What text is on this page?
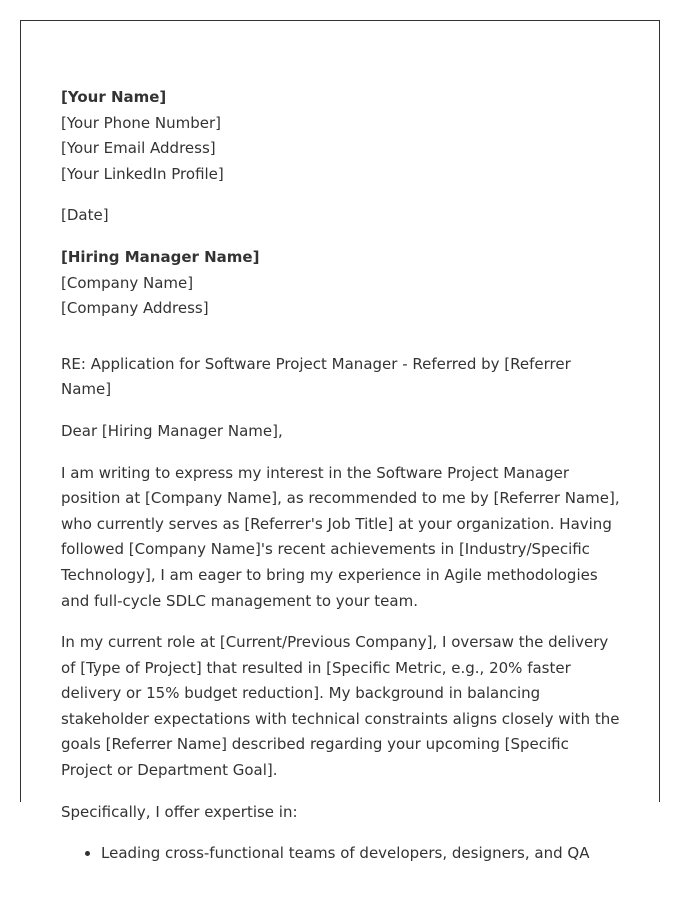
[Your Name]
[Your Phone Number]
[Your Email Address]
[Your LinkedIn Profile]
[Date]
[Hiring Manager Name]
[Company Name]
[Company Address]

RE: Application for Software Project Manager - Referred by [Referrer Name]

Dear [Hiring Manager Name],

I am writing to express my interest in the Software Project Manager position at [Company Name], as recommended to me by [Referrer Name], who currently serves as [Referrer's Job Title] at your organization. Having followed [Company Name]'s recent achievements in [Industry/Specific Technology], I am eager to bring my experience in Agile methodologies and full-cycle SDLC management to your team.

In my current role at [Current/Previous Company], I oversaw the delivery of [Type of Project] that resulted in [Specific Metric, e.g., 20% faster delivery or 15% budget reduction]. My background in balancing stakeholder expectations with technical constraints aligns closely with the goals [Referrer Name] described regarding your upcoming [Specific Project or Department Goal].

Specifically, I offer expertise in:

• Leading cross-functional teams of developers, designers, and QA
